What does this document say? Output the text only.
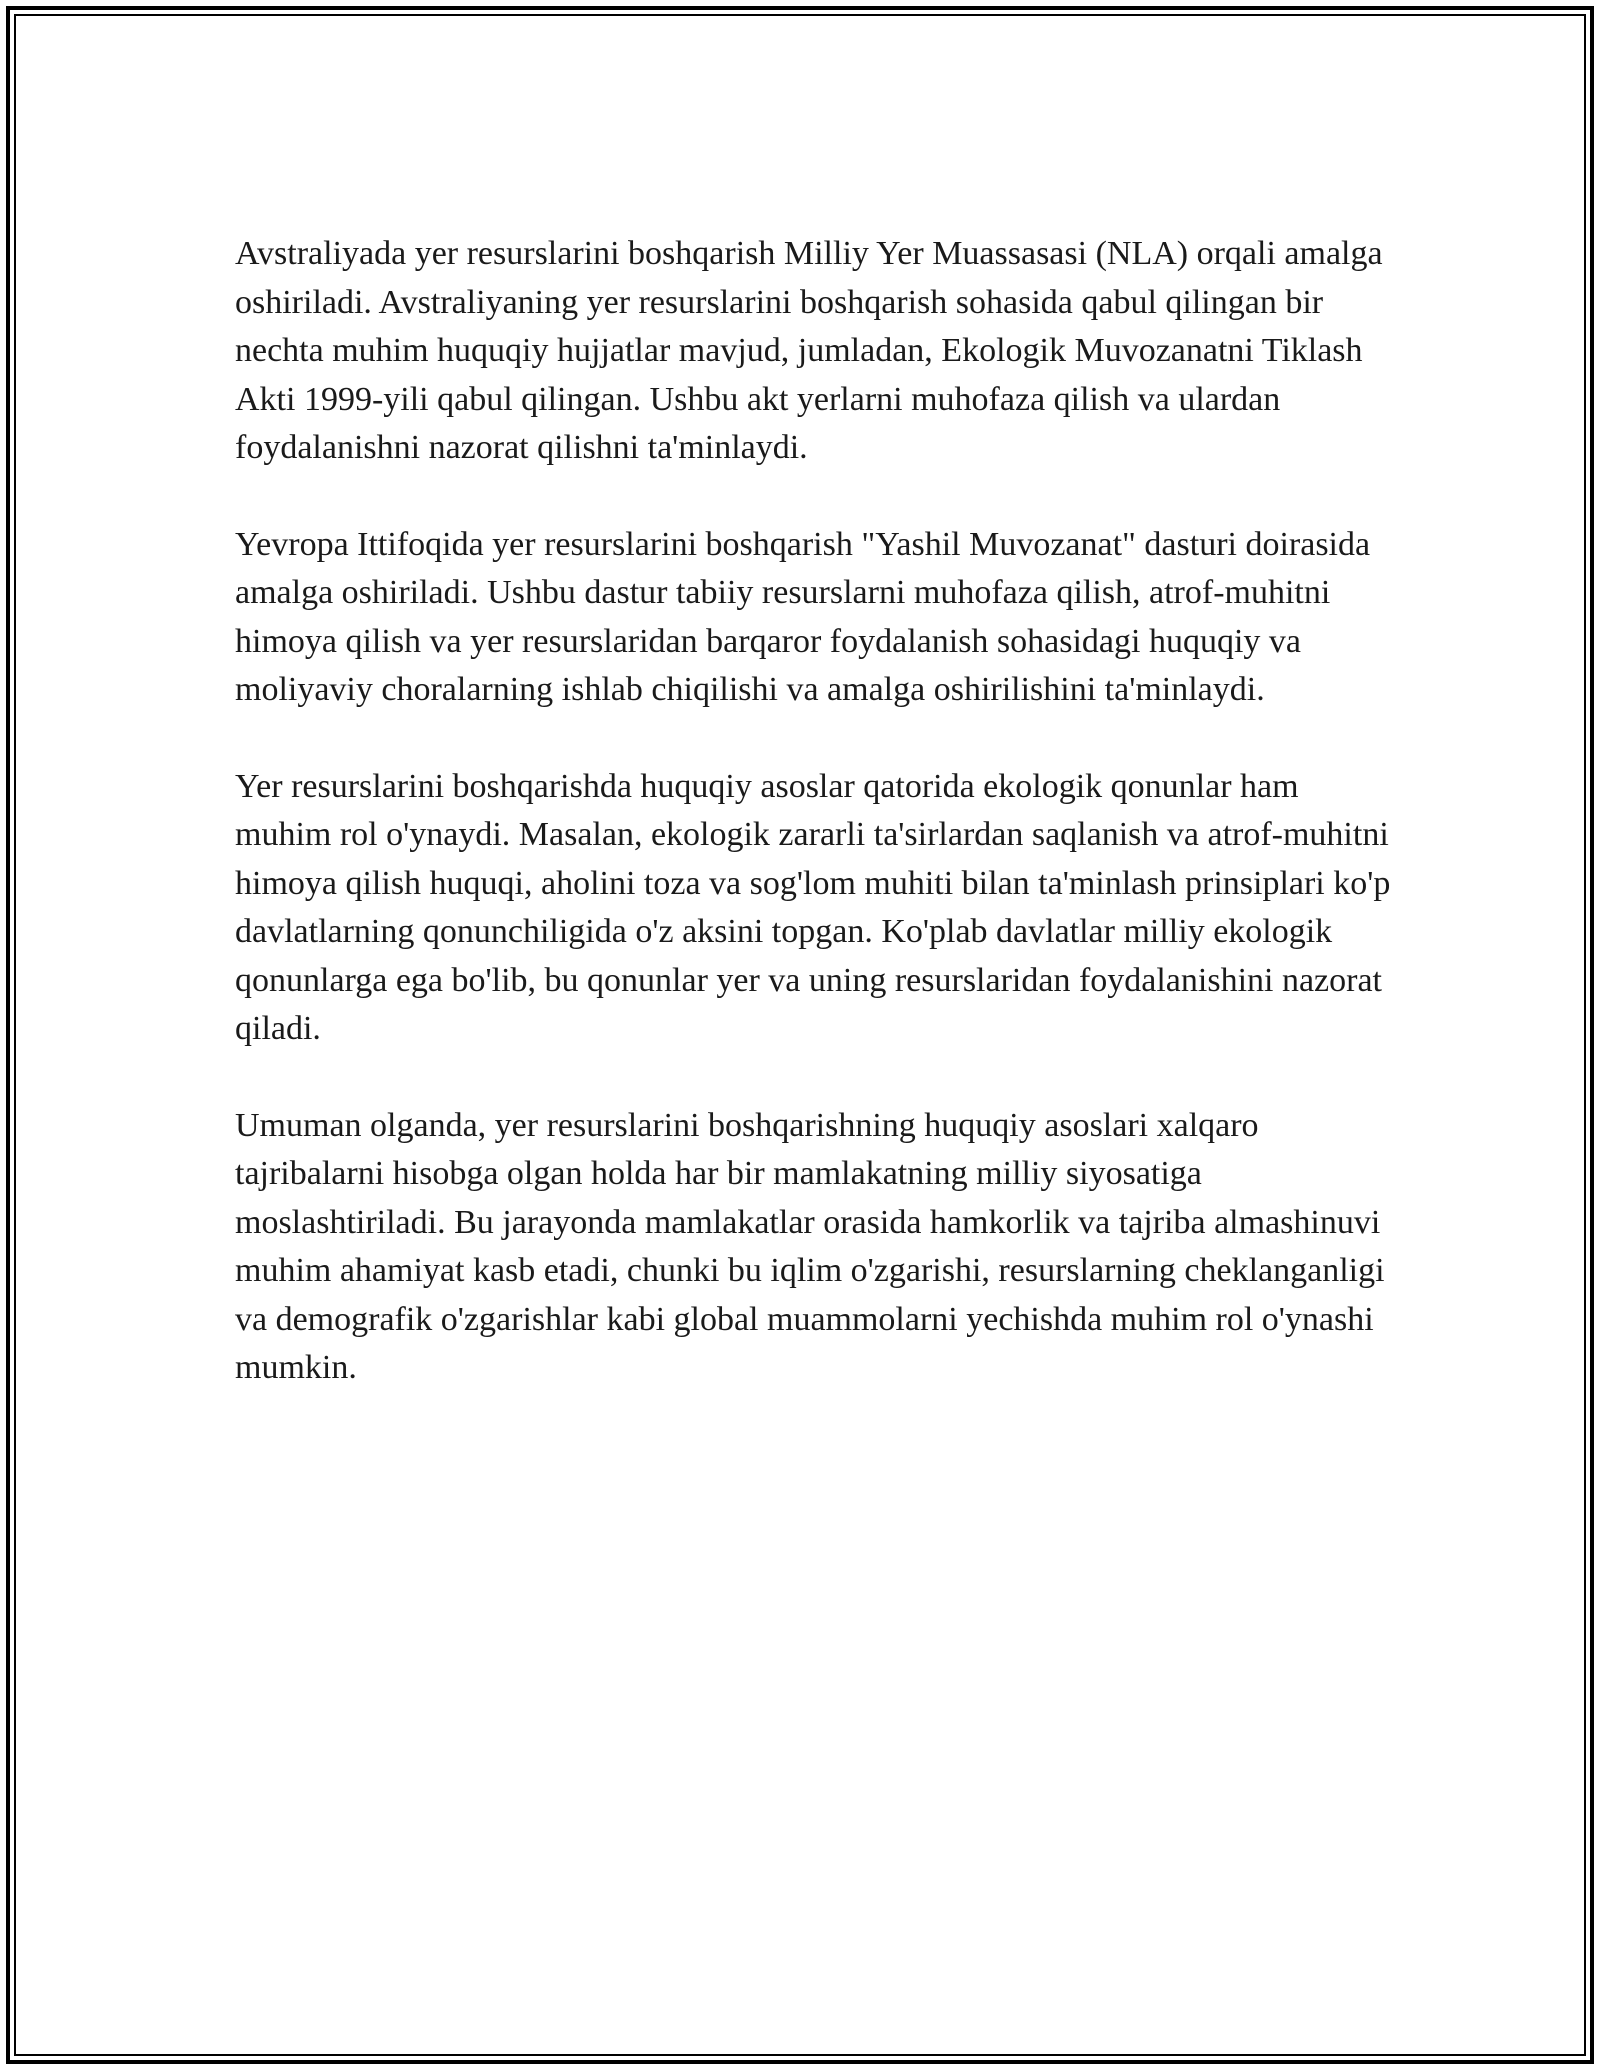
Avstraliyada yer resurslarini boshqarish Milliy Yer Muassasasi (NLA) orqali amalga oshiriladi. Avstraliyaning yer resurslarini boshqarish sohasida qabul qilingan bir nechta muhim huquqiy hujjatlar mavjud, jumladan, Ekologik Muvozanatni Tiklash Akti 1999-yili qabul qilingan. Ushbu akt yerlarni muhofaza qilish va ulardan foydalanishni nazorat qilishni ta'minlaydi.

Yevropa Ittifoqida yer resurslarini boshqarish "Yashil Muvozanat" dasturi doirasida amalga oshiriladi. Ushbu dastur tabiiy resurslarni muhofaza qilish, atrof-muhitni himoya qilish va yer resurslaridan barqaror foydalanish sohasidagi huquqiy va moliyaviy choralarning ishlab chiqilishi va amalga oshirilishini ta'minlaydi.

Yer resurslarini boshqarishda huquqiy asoslar qatorida ekologik qonunlar ham muhim rol o'ynaydi. Masalan, ekologik zararli ta'sirlardan saqlanish va atrof-muhitni himoya qilish huquqi, aholini toza va sog'lom muhiti bilan ta'minlash prinsiplari ko'p davlatlarning qonunchiligida o'z aksini topgan. Ko'plab davlatlar milliy ekologik qonunlarga ega bo'lib, bu qonunlar yer va uning resurslaridan foydalanishini nazorat qiladi.

Umuman olganda, yer resurslarini boshqarishning huquqiy asoslari xalqaro tajribalarni hisobga olgan holda har bir mamlakatning milliy siyosatiga moslashtiriladi. Bu jarayonda mamlakatlar orasida hamkorlik va tajriba almashinuvi muhim ahamiyat kasb etadi, chunki bu iqlim o'zgarishi, resurslarning cheklanganligi va demografik o'zgarishlar kabi global muammolarni yechishda muhim rol o'ynashi mumkin.
